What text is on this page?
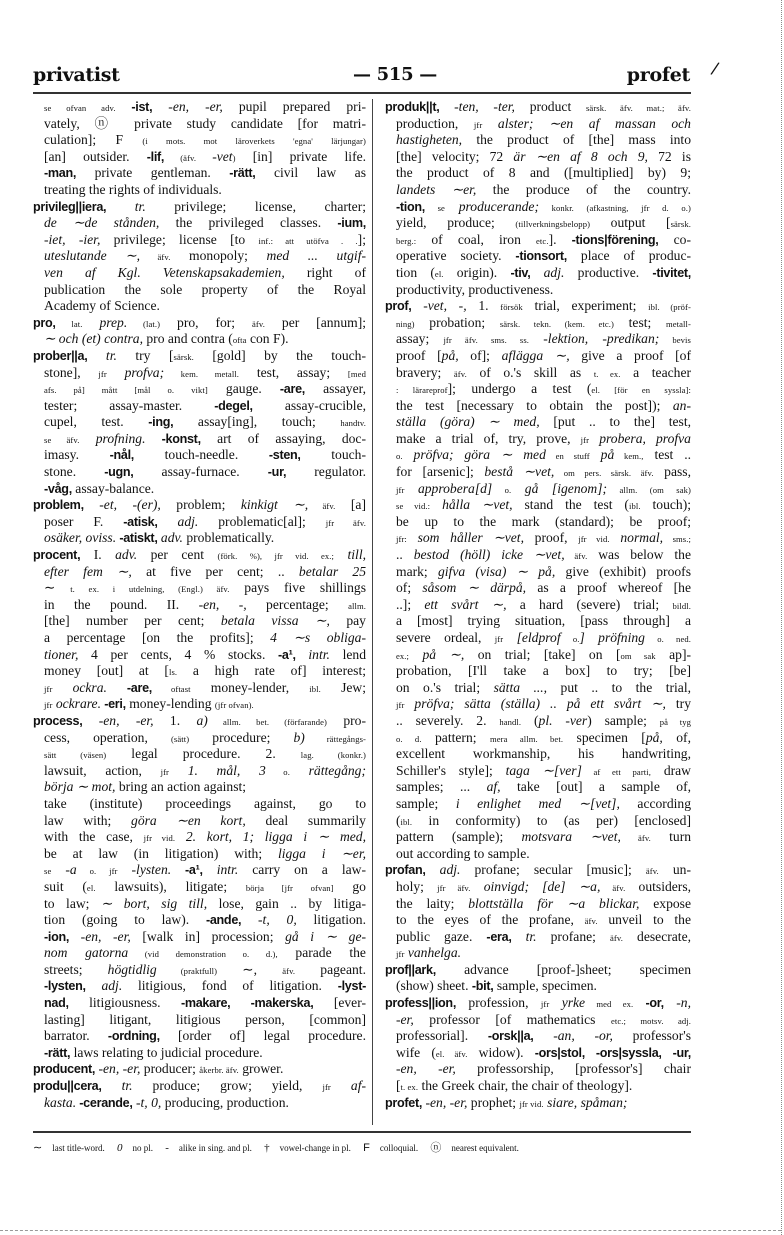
privatist	— 515 —	profet /
se ofvan adv. -ist, -en, -er, pupil prepared pri-
vately, ⓝ private study candidate [for matri-
culation]; F (i mots. mot läroverkets 'egna' lärjungar)
[an] outsider. -lif, (äfv. -vet) [in] private life.
-man, private gentleman. -rätt, civil law as
treating the rights of individuals.
privileg||iera, tr. privilege; license, charter;
de ∼de stånden, the privileged classes. -ium,
-iet, -ier, privilege; license [to inf.: att utöfva . .];
uteslutande ∼, äfv. monopoly; med ... utgif-
ven af Kgl. Vetenskapsakademien, right of
publication the sole property of the Royal
Academy of Science.
pro, lat. prep. (lat.) pro, for; äfv. per [annum];
∼ och (et) contra, pro and contra (ofta con F).
prober||a, tr. try [särsk. [gold] by the touch-
stone], jfr profva; kem. metall. test, assay; [med
afs. på] mått [mål o. vikt] gauge. -are, assayer,
tester; assay-master. -degel, assay-crucible,
cupel, test. -ing, assay[ing], touch; handtv.
se äfv. profning. -konst, art of assaying, doc-
imasy. -nål, touch-needle. -sten, touch-
stone. -ugn, assay-furnace. -ur, regulator.
-våg, assay-balance.
problem, -et, -(er), problem; kinkigt ∼, äfv. [a]
poser F. -atisk, adj. problematic[al]; jfr äfv.
osäker, oviss. -atiskt, adv. problematically.
procent, I. adv. per cent (förk. %), jfr vid. ex.; till,
efter fem ∼, at five per cent; .. betalar 25
∼ t. ex. i utdelning, (Engl.) äfv. pays five shillings
in the pound. II. -en, -, percentage; allm.
[the] number per cent; betala vissa ∼, pay
a percentage [on the profits]; 4 ∼s obliga-
tioner, 4 per cents, 4 % stocks. -a¹, intr. lend
money [out] at [ls. a high rate of] interest;
jfr ockra. -are, oftast money-lender, ibl. Jew;
jfr ockrare. -eri, money-lending (jfr ofvan).
process, -en, -er, 1. a) allm. bet. (förfarande) pro-
cess, operation, (sätt) procedure; b) rättegångs-
sätt (väsen) legal procedure. 2. lag. (konkr.)
lawsuit, action, jfr 1. mål, 3 o. rättegång;
börja ∼ mot, bring an action against;
take (institute) proceedings against, go to
law with; göra ∼en kort, deal summarily
with the case, jfr vid. 2. kort, 1; ligga i ∼ med,
be at law (in litigation) with; ligga i ∼er,
se -a o. jfr -lysten. -a¹, intr. carry on a law-
suit (el. lawsuits), litigate; börja [jfr ofvan] go
to law; ∼ bort, sig till, lose, gain .. by litiga-
tion (going to law). -ande, -t, 0, litigation.
-ion, -en, -er, [walk in] procession; gå i ∼ ge-
nom gatorna (vid demonstration o. d.), parade the
streets; högtidlig (praktfull) ∼, äfv. pageant.
-lysten, adj. litigious, fond of litigation. -lyst-
nad, litigiousness. -makare, -makerska, [ever-
lasting] litigant, litigious person, [common]
barrator. -ordning, [order of] legal procedure.
-rätt, laws relating to judicial procedure.
producent, -en, -er, producer; åkerbr. äfv. grower.
produ||cera, tr. produce; grow; yield, jfr af-
kasta. -cerande, -t, 0, producing, production.
produk||t, -ten, -ter, product särsk. äfv. mat.; äfv.
production, jfr alster; ∼en af massan och
hastigheten, the product of [the] mass into
[the] velocity; 72 är ∼en af 8 och 9, 72 is
the product of 8 and ([multiplied] by) 9;
landets ∼er, the produce of the country.
-tion, se producerande; konkr. (afkastning, jfr d. o.)
yield, produce; (tillverkningsbelopp) output [särsk.
berg.: of coal, iron etc.]. -tions|förening, co-
operative society. -tionsort, place of produc-
tion (el. origin). -tiv, adj. productive. -tivitet,
productivity, productiveness.
prof, -vet, -, 1. försök trial, experiment; ibl. (pröf-
ning) probation; särsk. tekn. (kem. etc.) test; metall-
assay; jfr äfv. sms. ss. -lektion, -predikan; bevis
proof [på, of]; aflägga ∼, give a proof [of
bravery; äfv. of o.'s skill as t. ex. a teacher
: lärareprof]; undergo a test (el. [för en syssla]:
the test [necessary to obtain the post]); an-
ställa (göra) ∼ med, [put .. to the] test,
make a trial of, try, prove, jfr probera, profva
o. pröfva; göra ∼ med en stuff på kem., test ..
for [arsenic]; bestå ∼vet, om pers. särsk. äfv. pass,
jfr approbera[d] o. gå [igenom]; allm. (om sak)
se vid.: hålla ∼vet, stand the test (ibl. touch);
be up to the mark (standard); be proof;
jfr: som håller ∼vet, proof, jfr vid. normal, sms.;
.. bestod (höll) icke ∼vet, äfv. was below the
mark; gifva (visa) ∼ på, give (exhibit) proofs
of; såsom ∼ därpå, as a proof whereof [he
..]; ett svårt ∼, a hard (severe) trial; bildl.
a [most] trying situation, [pass through] a
severe ordeal, jfr [eldprof o.] pröfning o. ned.
ex.; på ∼, on trial; [take] on [om sak ap]-
probation, [I'll take a box] to try; [be]
on o.'s trial; sätta ..., put .. to the trial,
jfr pröfva; sätta (ställa) .. på ett svårt ∼, try
.. severely. 2. handl. (pl. -ver) sample; på tyg
o. d. pattern; mera allm. bet. specimen [på, of,
excellent workmanship, his handwriting,
Schiller's style]; taga ∼[ver] af ett parti, draw
samples; ... af, take [out] a sample of,
sample; i enlighet med ∼[vet], according
(ibl. in conformity) to (as per) [enclosed]
pattern (sample); motsvara ∼vet, äfv. turn
out according to sample.
profan, adj. profane; secular [music]; äfv. un-
holy; jfr äfv. oinvigd; [de] ∼a, äfv. outsiders,
the laity; blottställa för ∼a blickar, expose
to the eyes of the profane, äfv. unveil to the
public gaze. -era, tr. profane; äfv. desecrate,
jfr vanhelga.
prof||ark, advance [proof-]sheet; specimen
(show) sheet. -bit, sample, specimen.
profess||ion, profession, jfr yrke med ex. -or, -n,
-er, professor [of mathematics etc.; motsv. adj.
professorial]. -orsk||a, -an, -or, professor's
wife (el. äfv. widow). -ors|stol, -ors|syssla, -ur,
-en, -er, professorship, [professor's] chair
[t. ex. the Greek chair, the chair of theology].
profet, -en, -er, prophet; jfr vid. siare, spåman;
∼ last title-word. 0 no pl. - alike in sing. and pl. † vowel-change in pl. F colloquial. ⓝ nearest equivalent.
